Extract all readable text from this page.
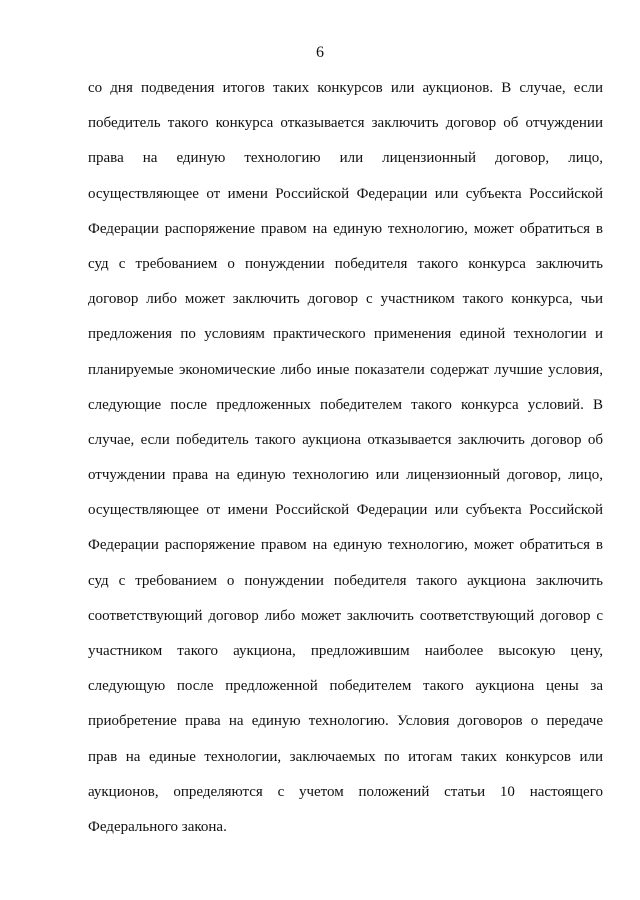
6
со дня подведения итогов таких конкурсов или аукционов. В случае, если
победитель такого конкурса отказывается заключить договор об отчуждении
права на единую технологию или лицензионный договор, лицо,
осуществляющее от имени Российской Федерации или субъекта Российской
Федерации распоряжение правом на единую технологию, может обратиться в
суд с требованием о понуждении победителя такого конкурса заключить
договор либо может заключить договор с участником такого конкурса, чьи
предложения по условиям практического применения единой технологии и
планируемые экономические либо иные показатели содержат лучшие условия,
следующие после предложенных победителем такого конкурса условий. В
случае, если победитель такого аукциона отказывается заключить договор об
отчуждении права на единую технологию или лицензионный договор, лицо,
осуществляющее от имени Российской Федерации или субъекта Российской
Федерации распоряжение правом на единую технологию, может обратиться в
суд с требованием о понуждении победителя такого аукциона заключить
соответствующий договор либо может заключить соответствующий договор с
участником такого аукциона, предложившим наиболее высокую цену,
следующую после предложенной победителем такого аукциона цены за
приобретение права на единую технологию. Условия договоров о передаче
прав на единые технологии, заключаемых по итогам таких конкурсов или
аукционов, определяются с учетом положений статьи 10 настоящего
Федерального закона.
